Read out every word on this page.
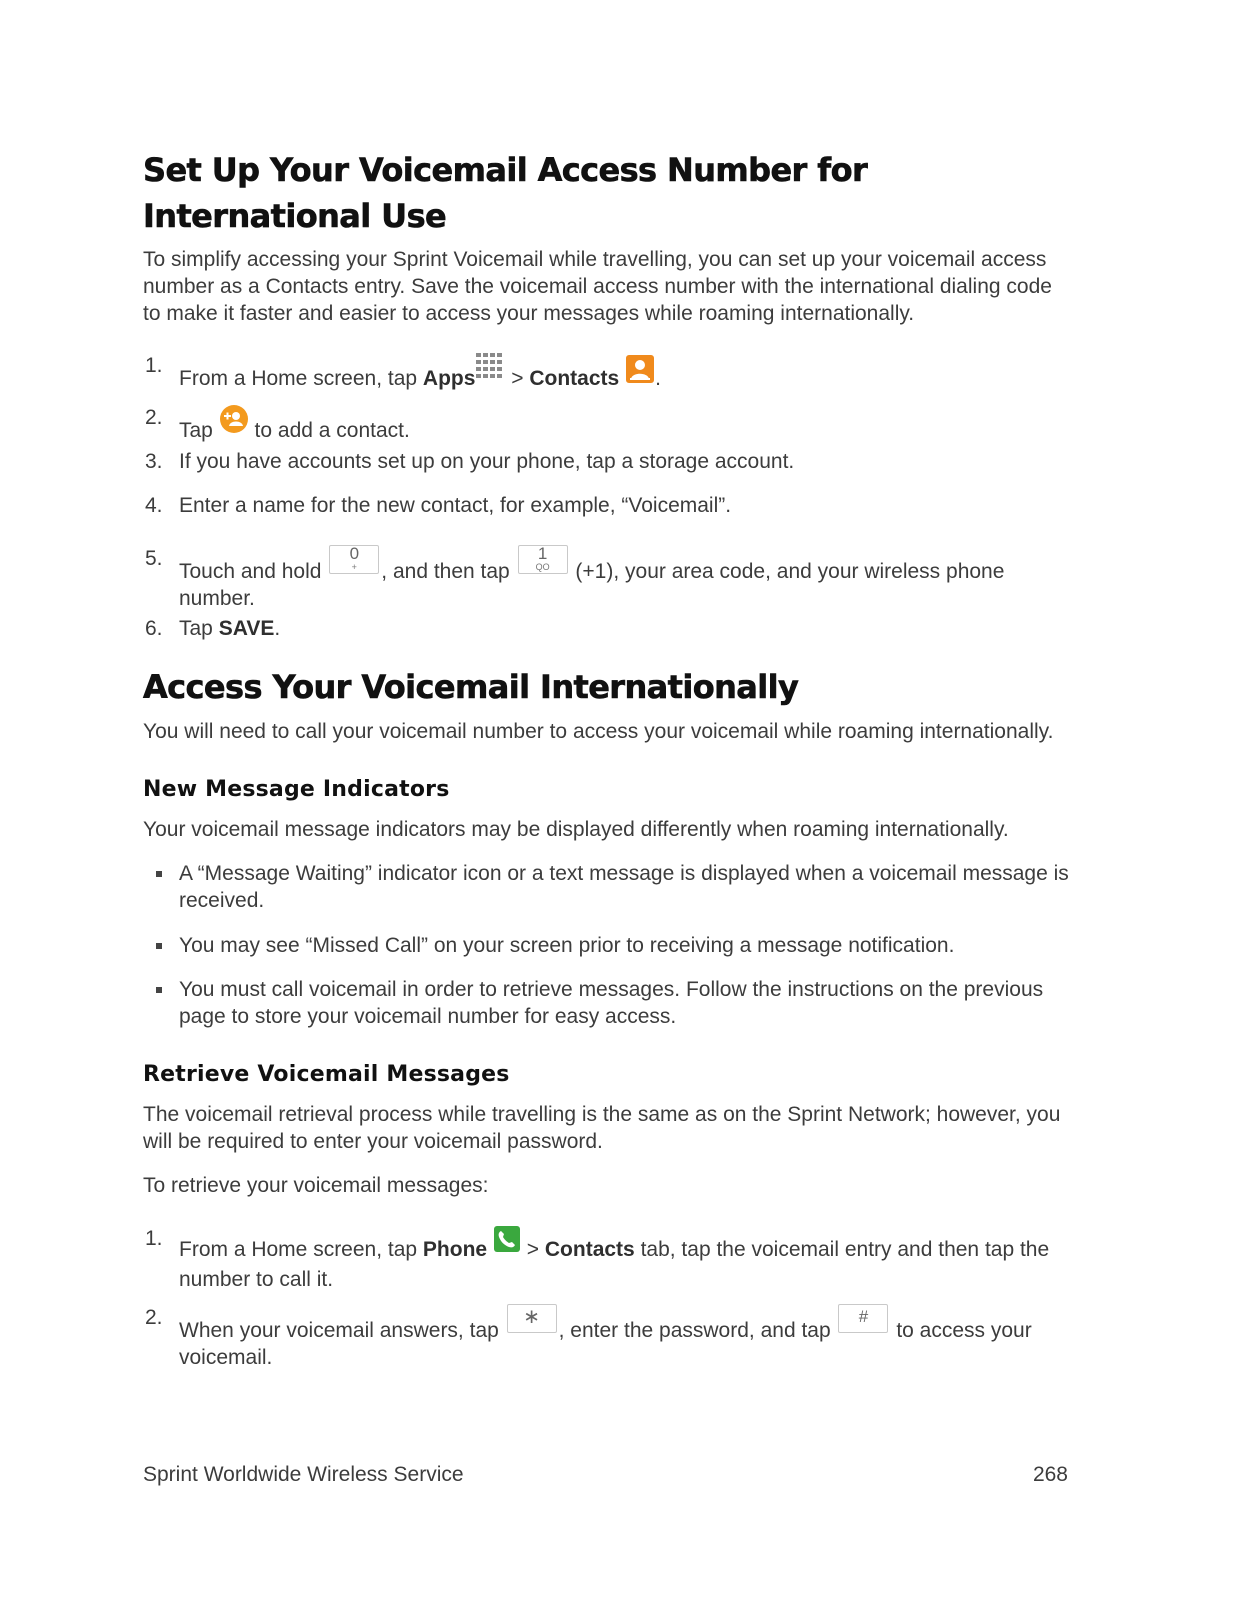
Set Up Your Voicemail Access Number for International Use

To simplify accessing your Sprint Voicemail while travelling, you can set up your voicemail access number as a Contacts entry. Save the voicemail access number with the international dialing code to make it faster and easier to access your messages while roaming internationally.

1.
From a Home screen, tap Apps > Contacts .
2.
Tap  to add a contact.
3. If you have accounts set up on your phone, tap a storage account.
4. Enter a name for the new contact, for example, “Voicemail”.
5.
Touch and hold
0
+	, and then tap
1
QO (+1), your area code, and your wireless phone number.
6. Tap SAVE.
Access Your Voicemail Internationally

You will need to call your voicemail number to access your voicemail while roaming internationally.

New Message Indicators

Your voicemail message indicators may be displayed differently when roaming internationally.

A “Message Waiting” indicator icon or a text message is displayed when a voicemail message is received.
You may see “Missed Call” on your screen prior to receiving a message notification.
You must call voicemail in order to retrieve messages. Follow the instructions on the previous page to store your voicemail number for easy access.
Retrieve Voicemail Messages

The voicemail retrieval process while travelling is the same as on the Sprint Network; however, you will be required to enter your voicemail password.

To retrieve your voicemail messages:

1. From a Home screen, tap Phone  > Contacts tab, tap the voicemail entry and then tap the number to call it.
2.
When your voicemail answers, tap
∗
, enter the password, and tap
#
to access your voicemail.
Sprint Worldwide Wireless Service	268
